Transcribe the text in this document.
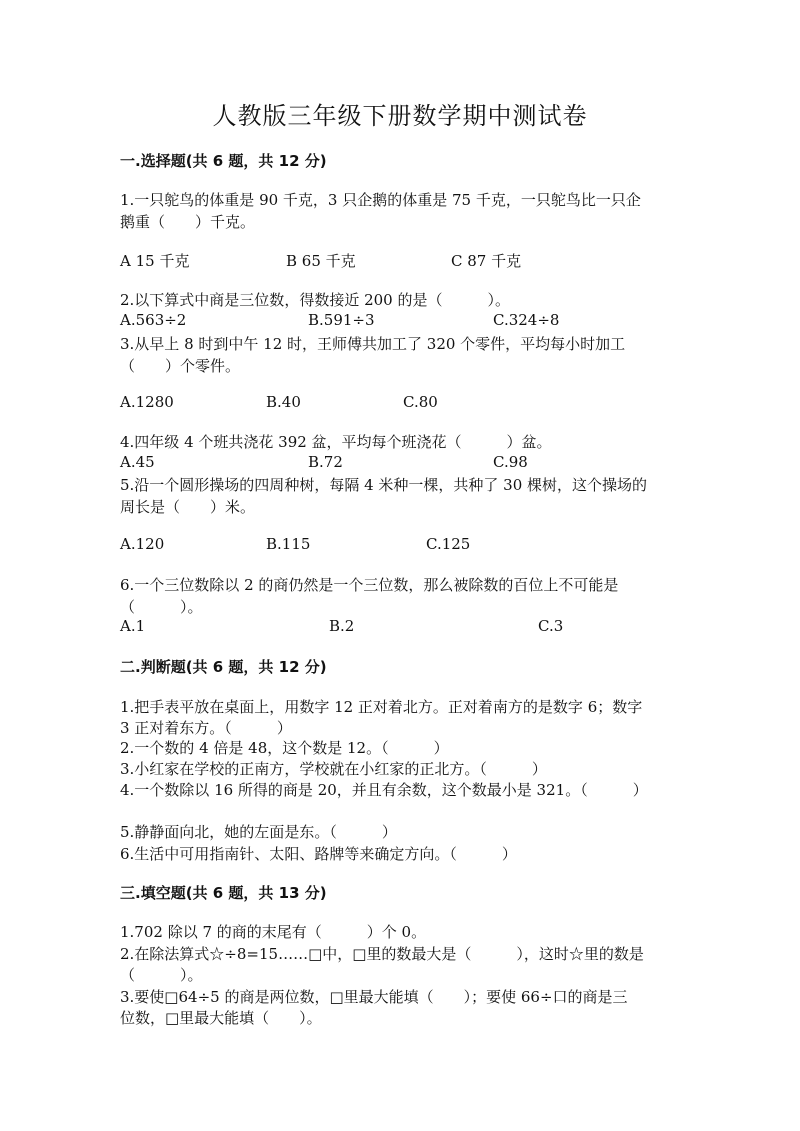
人教版三年级下册数学期中测试卷
一.选择题(共 6 题，共 12 分)
1.一只鸵鸟的体重是 90 千克，3 只企鹅的体重是 75 千克，一只鸵鸟比一只企
鹅重（　　）千克。
A 15 千克	B 65 千克	C 87 千克
2.以下算式中商是三位数，得数接近 200 的是（　　　）。
A.563÷2	B.591÷3	C.324÷8
3.从早上 8 时到中午 12 时，王师傅共加工了 320 个零件，平均每小时加工
（　　）个零件。
A.1280	B.40	C.80
4.四年级 4 个班共浇花 392 盆，平均每个班浇花（　　　）盆。
A.45	B.72	C.98
5.沿一个圆形操场的四周种树，每隔 4 米种一棵，共种了 30 棵树，这个操场的
周长是（　　）米。
A.120	B.115	C.125
6.一个三位数除以 2 的商仍然是一个三位数，那么被除数的百位上不可能是
（　　　）。
A.1	B.2	C.3
二.判断题(共 6 题，共 12 分)
1.把手表平放在桌面上，用数字 12 正对着北方。正对着南方的是数字 6；数字
3 正对着东方。（　　　）
2.一个数的 4 倍是 48，这个数是 12。（　　　）
3.小红家在学校的正南方，学校就在小红家的正北方。（　　　）
4.一个数除以 16 所得的商是 20，并且有余数，这个数最小是 321。（　　　）
5.静静面向北，她的左面是东。（　　　）
6.生活中可用指南针、太阳、路牌等来确定方向。（　　　）
三.填空题(共 6 题，共 13 分)
1.702 除以 7 的商的末尾有（　　　）个 0。
2.在除法算式☆÷8=15……□中，□里的数最大是（　　　），这时☆里的数是
（　　　）。
3.要使□64÷5 的商是两位数，□里最大能填（　　）；要使 66÷口的商是三
位数，□里最大能填（　　）。
